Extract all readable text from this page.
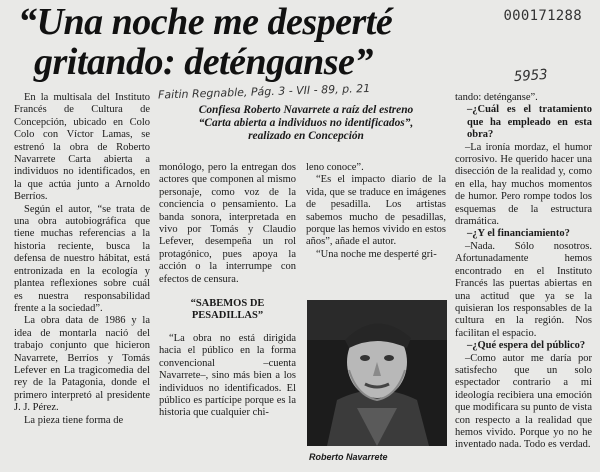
“Una noche me desperté
gritando: deténganse”
000171288
5953
Faitin Regnable, Pág. 3 - VII - 89, p. 21
Confiesa Roberto Navarrete a raíz del estreno
“Carta abierta a individuos no identificados”,
realizado en Concepción

En la multisala del Instituto Francés de Cultura de Concepción, ubicado en Colo Colo con Víctor Lamas, se estrenó la obra de Roberto Navarrete Carta abierta a individuos no identificados, en la que actúa junto a Arnoldo Berríos.

Según el autor, “se trata de una obra autobiográfica que tiene muchas referencias a la historia reciente, busca la defensa de nuestro hábitat, está entronizada en la ecología y plantea reflexiones sobre cuál es nuestra responsabilidad frente a la sociedad”.

La obra data de 1986 y la idea de montarla nació del trabajo conjunto que hicieron Navarrete, Berríos y Tomás Lefever en La tragicomedia del rey de la Patagonia, donde el primero interpretó al presidente J. J. Pérez.

La pieza tiene forma de

monólogo, pero la entregan dos actores que componen al mismo personaje, como voz de la conciencia o pensamiento. La banda sonora, interpretada en vivo por Tomás y Claudio Lefever, desempeña un rol protagónico, pues apoya la acción o la interrumpe con efectos de censura.

“SABEMOS DE PESADILLAS”

“La obra no está dirigida hacia el público en la forma convencional –cuenta Navarrete–, sino más bien a los individuos no identificados. El público es partícipe porque es la historia que cualquier chi-

leno conoce”.

“Es el impacto diario de la vida, que se traduce en imágenes de pesadilla. Los artistas sabemos mucho de pesadillas, porque las hemos vivido en estos años”, añade el autor.

“Una noche me desperté gri-

Roberto Navarrete

tando: deténganse”.

–¿Cuál es el tratamiento que ha empleado en esta obra?

–La ironía mordaz, el humor corrosivo. He querido hacer una disección de la realidad y, como en ella, hay muchos momentos de humor. Pero rompe todos los esquemas de la estructura dramática.

–¿Y el financiamiento?

–Nada. Sólo nosotros. Afortunadamente hemos encontrado en el Instituto Francés las puertas abiertas en una actitud que ya se la quisieran los responsables de la cultura en la región. Nos facilitan el espacio.

–¿Qué espera del público?

–Como autor me daría por satisfecho que un solo espectador contrario a mi ideología recibiera una emoción que modificara su punto de vista con respecto a la realidad que hemos vivido. Porque yo no he inventado nada. Todo es verdad.
